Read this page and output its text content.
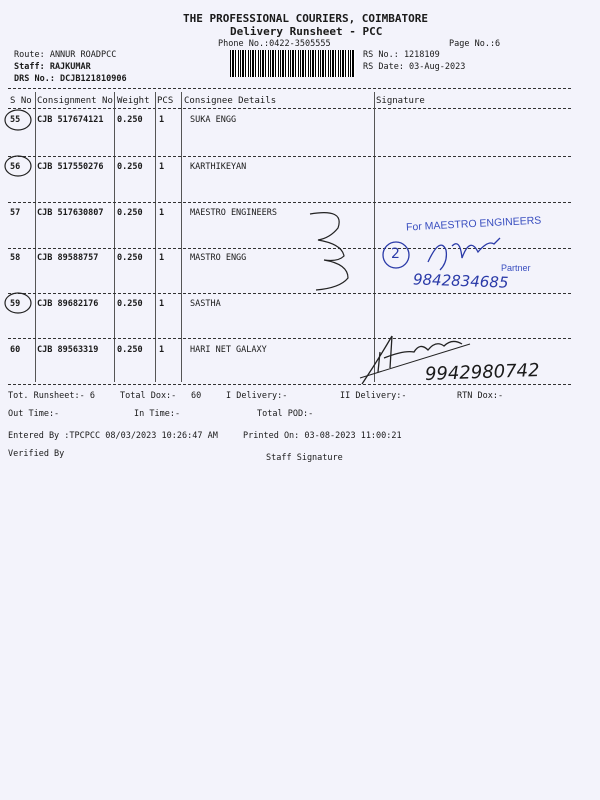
THE PROFESSIONAL COURIERS, COIMBATORE
Delivery Runsheet - PCC
Phone No.:0422-3505555	Page No.:6
Route: ANNUR ROADPCC
Staff: RAJKUMAR
DRS No.: DCJB121810906
RS No.: 1218109
RS Date: 03-Aug-2023
S No Consignment No Weight PCS Consignee Details	Signature
55 CJB 517674121 0.250 1	SUKA ENGG
56 CJB 517550276 0.250 1	KARTHIKEYAN
57 CJB 517630807 0.250 1	MAESTRO ENGINEERS
58 CJB 89588757 0.250 1	MASTRO ENGG
59 CJB 89682176 0.250 1	SASTHA
60 CJB 89563319 0.250 1	HARI NET GALAXY
Tot. Runsheet:- 6	Total Dox:- 60	I Delivery:-	II Delivery:-	RTN Dox:-
Out Time:-	In Time:-	Total POD:-
Entered By :TPCPCC 08/03/2023 10:26:47 AM	Printed On: 03-08-2023 11:00:21
Verified By	Staff Signature
For MAESTRO ENGINEERS
Partner
2
9842834685
9942980742
